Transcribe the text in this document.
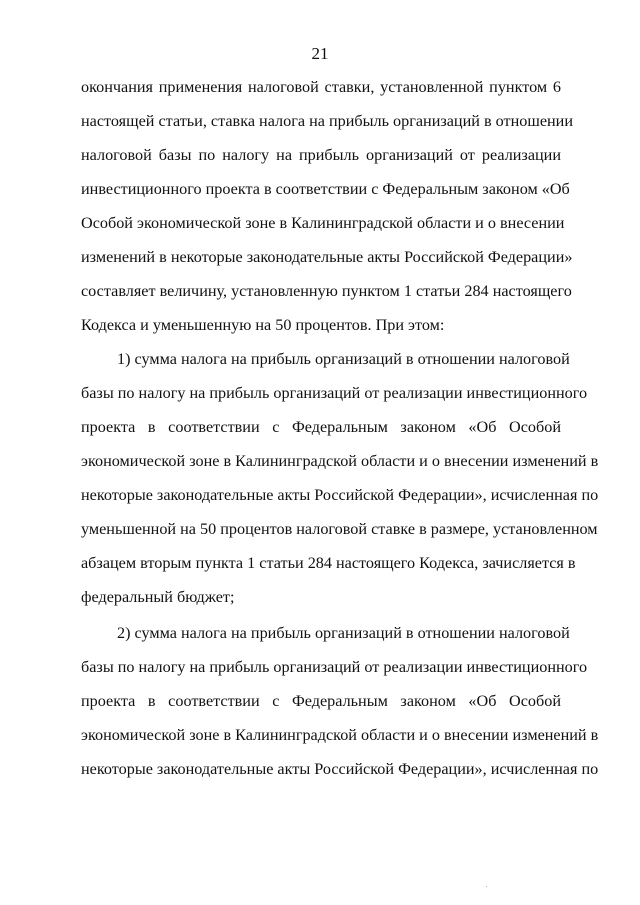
21
окончания применения налоговой ставки, установленной пунктом 6
настоящей статьи, ставка налога на прибыль организаций в отношении
налоговой базы по налогу на прибыль организаций от реализации
инвестиционного проекта в соответствии с Федеральным законом «Об
Особой экономической зоне в Калининградской области и о внесении
изменений в некоторые законодательные акты Российской Федерации»
составляет величину, установленную пунктом 1 статьи 284 настоящего
Кодекса и уменьшенную на 50 процентов. При этом:
1) сумма налога на прибыль организаций в отношении налоговой
базы по налогу на прибыль организаций от реализации инвестиционного
проекта в соответствии с Федеральным законом «Об Особой
экономической зоне в Калининградской области и о внесении изменений в
некоторые законодательные акты Российской Федерации», исчисленная по
уменьшенной на 50 процентов налоговой ставке в размере, установленном
абзацем вторым пункта 1 статьи 284 настоящего Кодекса, зачисляется в
федеральный бюджет;
2) сумма налога на прибыль организаций в отношении налоговой
базы по налогу на прибыль организаций от реализации инвестиционного
проекта в соответствии с Федеральным законом «Об Особой
экономической зоне в Калининградской области и о внесении изменений в
некоторые законодательные акты Российской Федерации», исчисленная по
